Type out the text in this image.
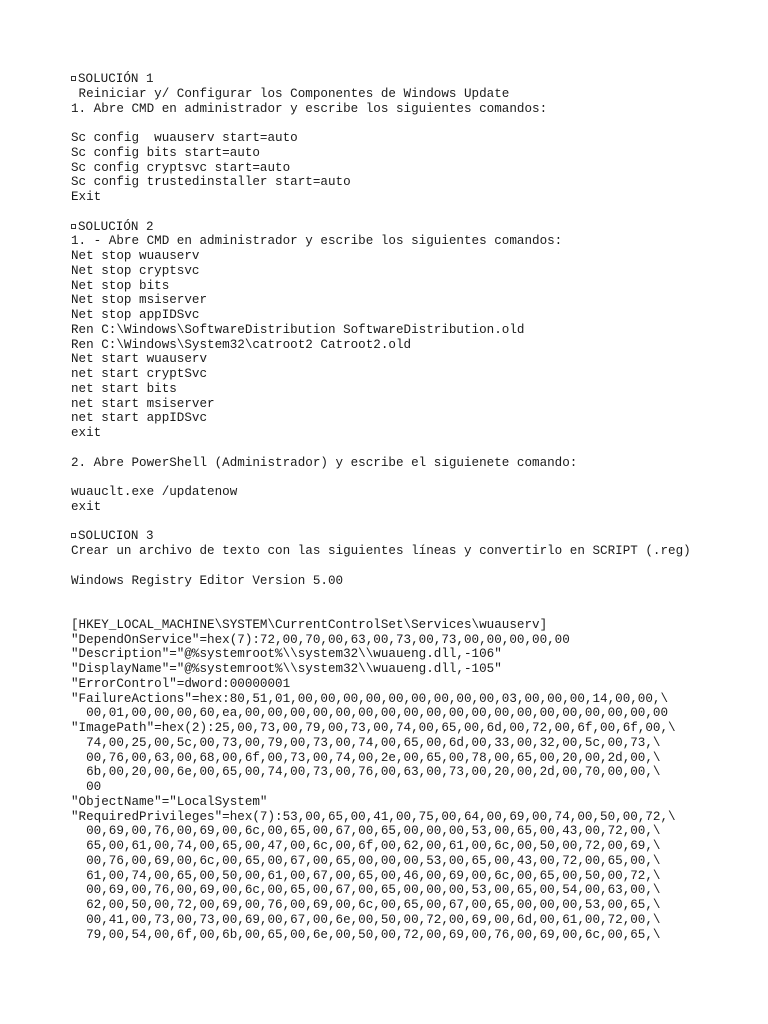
SOLUCIÓN 1
Reiniciar y/ Configurar los Componentes de Windows Update
1. Abre CMD en administrador y escribe los siguientes comandos:
Sc config  wuauserv start=auto
Sc config bits start=auto
Sc config cryptsvc start=auto
Sc config trustedinstaller start=auto
Exit
SOLUCIÓN 2
1. - Abre CMD en administrador y escribe los siguientes comandos:
Net stop wuauserv
Net stop cryptsvc
Net stop bits
Net stop msiserver
Net stop appIDSvc
Ren C:\Windows\SoftwareDistribution SoftwareDistribution.old
Ren C:\Windows\System32\catroot2 Catroot2.old
Net start wuauserv
net start cryptSvc
net start bits
net start msiserver
net start appIDSvc
exit
2. Abre PowerShell (Administrador) y escribe el siguienete comando:
wuauclt.exe /updatenow
exit
SOLUCION 3
Crear un archivo de texto con las siguientes líneas y convertirlo en SCRIPT (.reg)
Windows Registry Editor Version 5.00
[HKEY_LOCAL_MACHINE\SYSTEM\CurrentControlSet\Services\wuauserv]
"DependOnService"=hex(7):72,00,70,00,63,00,73,00,73,00,00,00,00,00
"Description"="@%systemroot%\\system32\\wuaueng.dll,-106"
"DisplayName"="@%systemroot%\\system32\\wuaueng.dll,-105"
"ErrorControl"=dword:00000001
"FailureActions"=hex:80,51,01,00,00,00,00,00,00,00,00,00,03,00,00,00,14,00,00,\
00,01,00,00,00,60,ea,00,00,00,00,00,00,00,00,00,00,00,00,00,00,00,00,00,00,00
"ImagePath"=hex(2):25,00,73,00,79,00,73,00,74,00,65,00,6d,00,72,00,6f,00,6f,00,\
74,00,25,00,5c,00,73,00,79,00,73,00,74,00,65,00,6d,00,33,00,32,00,5c,00,73,\
00,76,00,63,00,68,00,6f,00,73,00,74,00,2e,00,65,00,78,00,65,00,20,00,2d,00,\
6b,00,20,00,6e,00,65,00,74,00,73,00,76,00,63,00,73,00,20,00,2d,00,70,00,00,\
00
"ObjectName"="LocalSystem"
"RequiredPrivileges"=hex(7):53,00,65,00,41,00,75,00,64,00,69,00,74,00,50,00,72,\
00,69,00,76,00,69,00,6c,00,65,00,67,00,65,00,00,00,53,00,65,00,43,00,72,00,\
65,00,61,00,74,00,65,00,47,00,6c,00,6f,00,62,00,61,00,6c,00,50,00,72,00,69,\
00,76,00,69,00,6c,00,65,00,67,00,65,00,00,00,53,00,65,00,43,00,72,00,65,00,\
61,00,74,00,65,00,50,00,61,00,67,00,65,00,46,00,69,00,6c,00,65,00,50,00,72,\
00,69,00,76,00,69,00,6c,00,65,00,67,00,65,00,00,00,53,00,65,00,54,00,63,00,\
62,00,50,00,72,00,69,00,76,00,69,00,6c,00,65,00,67,00,65,00,00,00,53,00,65,\
00,41,00,73,00,73,00,69,00,67,00,6e,00,50,00,72,00,69,00,6d,00,61,00,72,00,\
79,00,54,00,6f,00,6b,00,65,00,6e,00,50,00,72,00,69,00,76,00,69,00,6c,00,65,\
